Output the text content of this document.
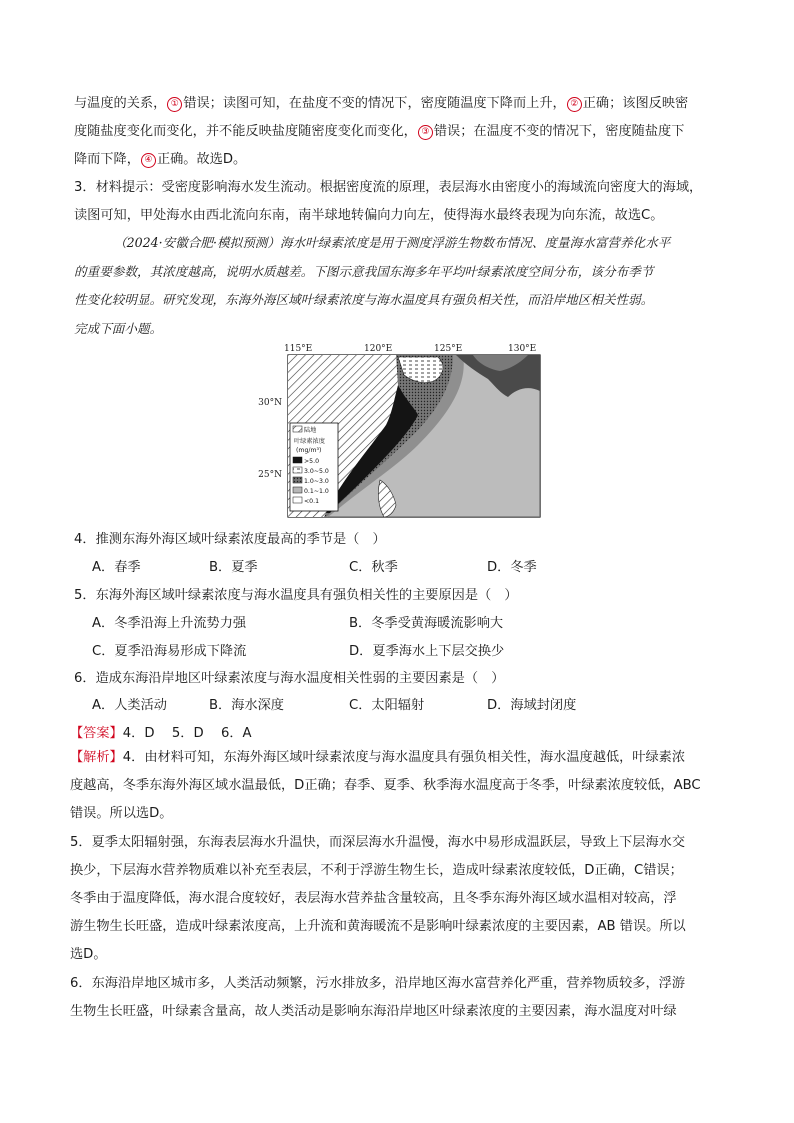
与温度的关系， ① 错误；读图可知，在盐度不变的情况下，密度随温度下降而上升， ② 正确；该图反映密
度随盐度变化而变化，并不能反映盐度随密度变化而变化， ③ 错误；在温度不变的情况下，密度随盐度下
降而下降， ④ 正确。故选D。
3．材料提示：受密度影响海水发生流动。根据密度流的原理，表层海水由密度小的海域流向密度大的海域，
读图可知，甲处海水由西北流向东南，南半球地转偏向力向左，使得海水最终表现为向东流，故选C。
（2024·安徽合肥·模拟预测）海水叶绿素浓度是用于测度浮游生物数布情况、度量海水富营养化水平
的重要参数，其浓度越高，说明水质越差。下图示意我国东海多年平均叶绿素浓度空间分布，该分布季节
性变化较明显。研究发现，东海外海区域叶绿素浓度与海水温度具有强负相关性，而沿岸地区相关性弱。
完成下面小题。
115°E	120°E	125°E	130°E
30°N
25°N
陆地
叶绿素浓度
(mg/m³)
>5.0
3.0~5.0
1.0~3.0
0.1~1.0
<0.1
4．推测东海外海区域叶绿素浓度最高的季节是（　）
A．春季	B．夏季	C．秋季	D．冬季
5．东海外海区域叶绿素浓度与海水温度具有强负相关性的主要原因是（　）
A．冬季沿海上升流势力强	B．冬季受黄海暖流影响大
C．夏季沿海易形成下降流	D．夏季海水上下层交换少
6．造成东海沿岸地区叶绿素浓度与海水温度相关性弱的主要因素是（　）
A．人类活动	B．海水深度	C．太阳辐射	D．海域封闭度
【答案】4．D　 5．D　 6．A
【解析】4．由材料可知，东海外海区域叶绿素浓度与海水温度具有强负相关性，海水温度越低，叶绿素浓
度越高，冬季东海外海区域水温最低，D正确；春季、夏季、秋季海水温度高于冬季，叶绿素浓度较低，ABC
错误。所以选D。
5．夏季太阳辐射强，东海表层海水升温快，而深层海水升温慢，海水中易形成温跃层，导致上下层海水交
换少，下层海水营养物质难以补充至表层，不利于浮游生物生长，造成叶绿素浓度较低，D正确，C错误；
冬季由于温度降低，海水混合度较好，表层海水营养盐含量较高，且冬季东海外海区域水温相对较高，浮
游生物生长旺盛，造成叶绿素浓度高，上升流和黄海暖流不是影响叶绿素浓度的主要因素，AB 错误。所以
选D。
6．东海沿岸地区城市多，人类活动频繁，污水排放多，沿岸地区海水富营养化严重，营养物质较多，浮游
生物生长旺盛，叶绿素含量高，故人类活动是影响东海沿岸地区叶绿素浓度的主要因素，海水温度对叶绿
